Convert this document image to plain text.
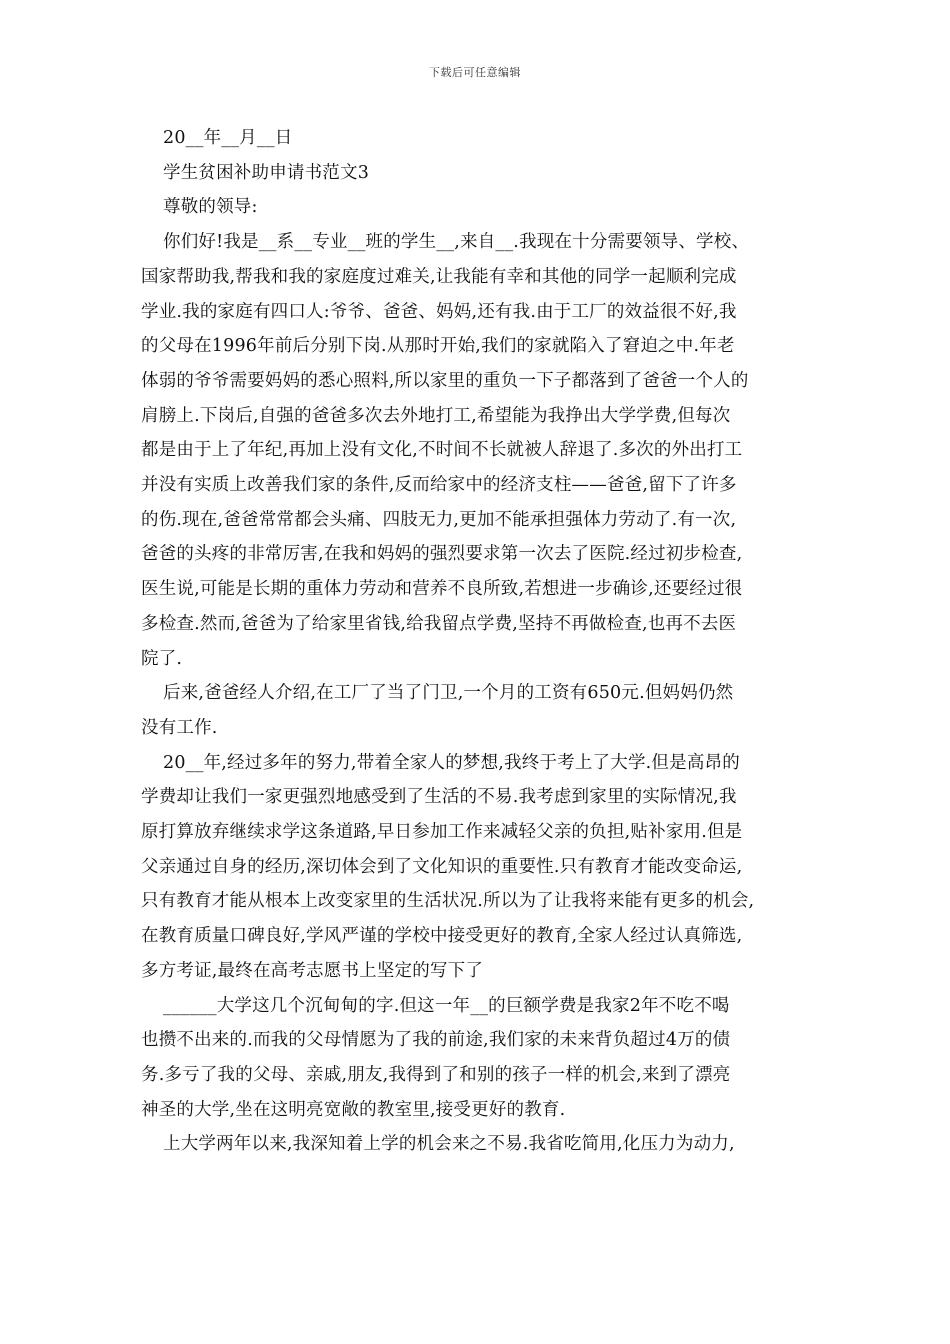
下载后可任意编辑
20__年__月__日
学生贫困补助申请书范文3
尊敬的领导:
你们好!我是__系__专业__班的学生__,来自__.我现在十分需要领导、学校、
国家帮助我,帮我和我的家庭度过难关,让我能有幸和其他的同学一起顺利完成
学业.我的家庭有四口人:爷爷、爸爸、妈妈,还有我.由于工厂的效益很不好,我
的父母在1996年前后分别下岗.从那时开始,我们的家就陷入了窘迫之中.年老
体弱的爷爷需要妈妈的悉心照料,所以家里的重负一下子都落到了爸爸一个人的
肩膀上.下岗后,自强的爸爸多次去外地打工,希望能为我挣出大学学费,但每次
都是由于上了年纪,再加上没有文化,不时间不长就被人辞退了.多次的外出打工
并没有实质上改善我们家的条件,反而给家中的经济支柱——爸爸,留下了许多
的伤.现在,爸爸常常都会头痛、四肢无力,更加不能承担强体力劳动了.有一次,
爸爸的头疼的非常厉害,在我和妈妈的强烈要求第一次去了医院.经过初步检查,
医生说,可能是长期的重体力劳动和营养不良所致,若想进一步确诊,还要经过很
多检查.然而,爸爸为了给家里省钱,给我留点学费,坚持不再做检查,也再不去医
院了.
后来,爸爸经人介绍,在工厂了当了门卫,一个月的工资有650元.但妈妈仍然
没有工作.
20__年,经过多年的努力,带着全家人的梦想,我终于考上了大学.但是高昂的
学费却让我们一家更强烈地感受到了生活的不易.我考虑到家里的实际情况,我
原打算放弃继续求学这条道路,早日参加工作来减轻父亲的负担,贴补家用.但是
父亲通过自身的经历,深切体会到了文化知识的重要性.只有教育才能改变命运,
只有教育才能从根本上改变家里的生活状况.所以为了让我将来能有更多的机会,
在教育质量口碑良好,学风严谨的学校中接受更好的教育,全家人经过认真筛选,
多方考证,最终在高考志愿书上坚定的写下了
______大学这几个沉甸甸的字.但这一年__的巨额学费是我家2年不吃不喝
也攒不出来的.而我的父母情愿为了我的前途,我们家的未来背负超过4万的债
务.多亏了我的父母、亲戚,朋友,我得到了和别的孩子一样的机会,来到了漂亮
神圣的大学,坐在这明亮宽敞的教室里,接受更好的教育.
上大学两年以来,我深知着上学的机会来之不易.我省吃简用,化压力为动力,
